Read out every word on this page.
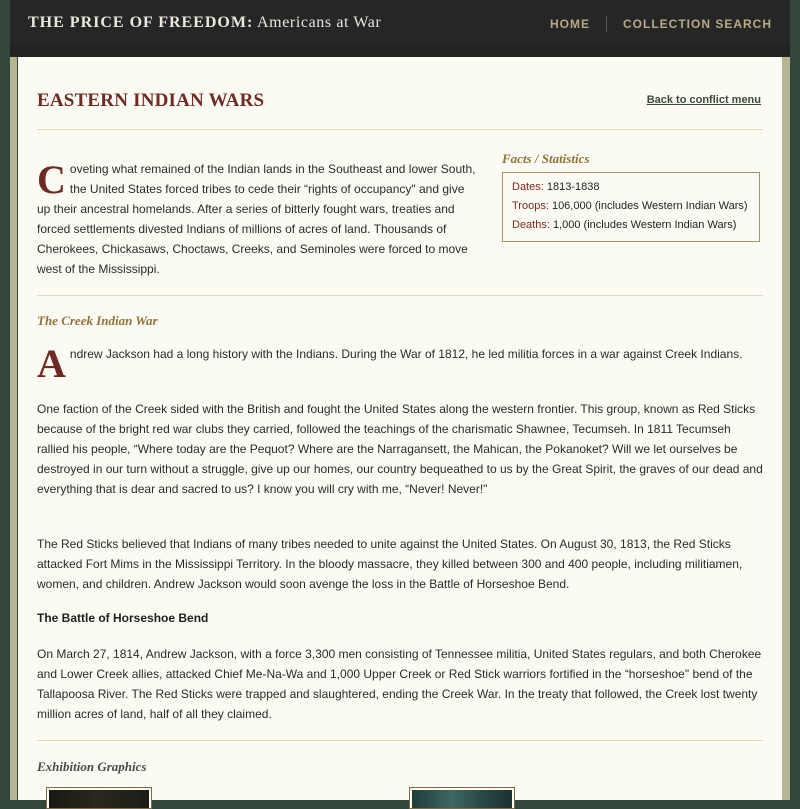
THE PRICE OF FREEDOM: Americans at War	HOME	COLLECTION SEARCH
EASTERN INDIAN WARS	Back to conflict menu
Coveting what remained of the Indian lands in the Southeast and lower South, the United States forced tribes to cede their “rights of occupancy" and give up their ancestral homelands. After a series of bitterly fought wars, treaties and forced settlements divested Indians of millions of acres of land. Thousands of Cherokees, Chickasaws, Choctaws, Creeks, and Seminoles were forced to move west of the Mississippi.
Facts / Statistics
Dates: 1813-1838
Troops: 106,000 (includes Western Indian Wars)
Deaths: 1,000 (includes Western Indian Wars)
The Creek Indian War
Andrew Jackson had a long history with the Indians. During the War of 1812, he led militia forces in a war against Creek Indians.
One faction of the Creek sided with the British and fought the United States along the western frontier. This group, known as Red Sticks because of the bright red war clubs they carried, followed the teachings of the charismatic Shawnee, Tecumseh. In 1811 Tecumseh rallied his people, “Where today are the Pequot? Where are the Narragansett, the Mahican, the Pokanoket? Will we let ourselves be destroyed in our turn without a struggle, give up our homes, our country bequeathed to us by the Great Spirit, the graves of our dead and everything that is dear and sacred to us? I know you will cry with me, “Never! Never!"
The Red Sticks believed that Indians of many tribes needed to unite against the United States. On August 30, 1813, the Red Sticks attacked Fort Mims in the Mississippi Territory. In the bloody massacre, they killed between 300 and 400 people, including militiamen, women, and children. Andrew Jackson would soon avenge the loss in the Battle of Horseshoe Bend.
The Battle of Horseshoe Bend
On March 27, 1814, Andrew Jackson, with a force 3,300 men consisting of Tennessee militia, United States regulars, and both Cherokee and Lower Creek allies, attacked Chief Me-Na-Wa and 1,000 Upper Creek or Red Stick warriors fortified in the “horseshoe" bend of the Tallapoosa River. The Red Sticks were trapped and slaughtered, ending the Creek War. In the treaty that followed, the Creek lost twenty million acres of land, half of all they claimed.
Exhibition Graphics
